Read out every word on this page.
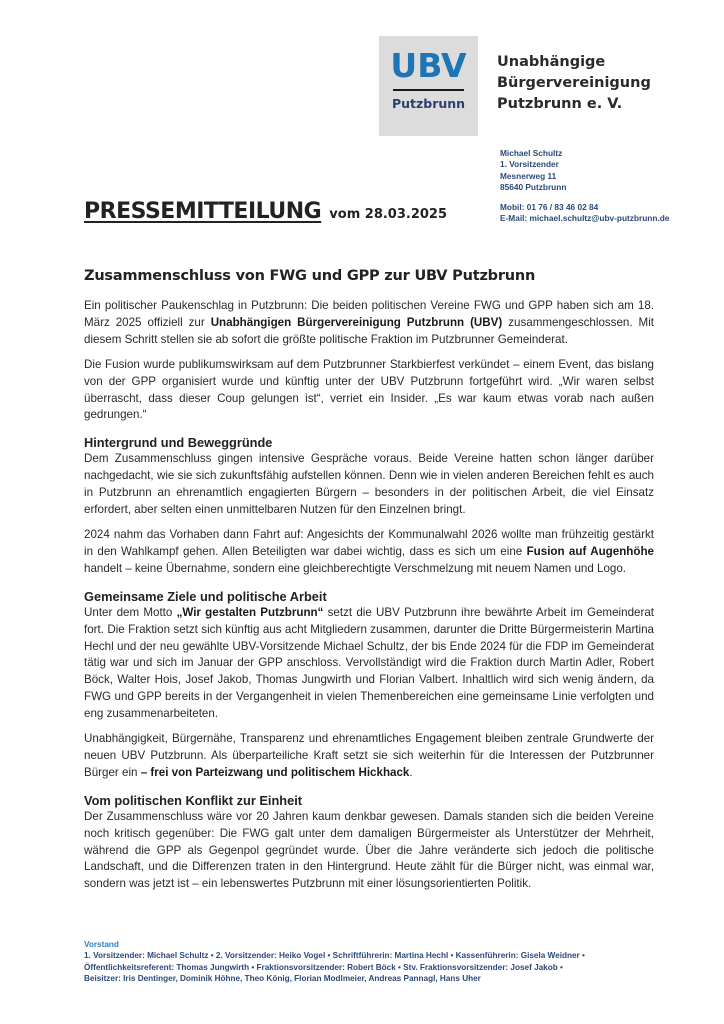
UBV
Putzbrunn
Unabhängige
Bürgervereinigung
Putzbrunn e. V.
Michael Schultz
1. Vorsitzender
Mesnerweg 11
85640 Putzbrunn
Mobil: 01 76 / 83 46 02 84
E-Mail: michael.schultz@ubv-putzbrunn.de
PRESSEMITTEILUNG vom 28.03.2025
Zusammenschluss von FWG und GPP zur UBV Putzbrunn

Ein politischer Paukenschlag in Putzbrunn: Die beiden politischen Vereine FWG und GPP haben sich am 18. März 2025 offiziell zur Unabhängigen Bürgervereinigung Putzbrunn (UBV) zusammengeschlossen. Mit diesem Schritt stellen sie ab sofort die größte politische Fraktion im Putzbrunner Gemeinderat.

Die Fusion wurde publikumswirksam auf dem Putzbrunner Starkbierfest verkündet – einem Event, das bislang von der GPP organisiert wurde und künftig unter der UBV Putzbrunn fortgeführt wird. „Wir waren selbst überrascht, dass dieser Coup gelungen ist“, verriet ein Insider. „Es war kaum etwas vorab nach außen gedrungen.“

Hintergrund und Beweggründe

Dem Zusammenschluss gingen intensive Gespräche voraus. Beide Vereine hatten schon länger darüber nachgedacht, wie sie sich zukunftsfähig aufstellen können. Denn wie in vielen anderen Bereichen fehlt es auch in Putzbrunn an ehrenamtlich engagierten Bürgern – besonders in der politischen Arbeit, die viel Einsatz erfordert, aber selten einen unmittelbaren Nutzen für den Einzelnen bringt.

2024 nahm das Vorhaben dann Fahrt auf: Angesichts der Kommunalwahl 2026 wollte man frühzeitig gestärkt in den Wahlkampf gehen. Allen Beteiligten war dabei wichtig, dass es sich um eine Fusion auf Augenhöhe handelt – keine Übernahme, sondern eine gleichberechtigte Verschmelzung mit neuem Namen und Logo.

Gemeinsame Ziele und politische Arbeit

Unter dem Motto „Wir gestalten Putzbrunn“ setzt die UBV Putzbrunn ihre bewährte Arbeit im Gemeinderat fort. Die Fraktion setzt sich künftig aus acht Mitgliedern zusammen, darunter die Dritte Bürgermeisterin Martina Hechl und der neu gewählte UBV-Vorsitzende Michael Schultz, der bis Ende 2024 für die FDP im Gemeinderat tätig war und sich im Januar der GPP anschloss. Vervollständigt wird die Fraktion durch Martin Adler, Robert Böck, Walter Hois, Josef Jakob, Thomas Jungwirth und Florian Valbert. Inhaltlich wird sich wenig ändern, da FWG und GPP bereits in der Vergangenheit in vielen Themenbereichen eine gemeinsame Linie verfolgten und eng zusammenarbeiteten.

Unabhängigkeit, Bürgernähe, Transparenz und ehrenamtliches Engagement bleiben zentrale Grundwerte der neuen UBV Putzbrunn. Als überparteiliche Kraft setzt sie sich weiterhin für die Interessen der Putzbrunner Bürger ein – frei von Parteizwang und politischem Hickhack.

Vom politischen Konflikt zur Einheit

Der Zusammenschluss wäre vor 20 Jahren kaum denkbar gewesen. Damals standen sich die beiden Vereine noch kritisch gegenüber: Die FWG galt unter dem damaligen Bürgermeister als Unterstützer der Mehrheit, während die GPP als Gegenpol gegründet wurde. Über die Jahre veränderte sich jedoch die politische Landschaft, und die Differenzen traten in den Hintergrund. Heute zählt für die Bürger nicht, was einmal war, sondern was jetzt ist – ein lebenswertes Putzbrunn mit einer lösungsorientierten Politik.

Vorstand
1. Vorsitzender: Michael Schultz • 2. Vorsitzender: Heiko Vogel • Schriftführerin: Martina Hechl • Kassenführerin: Gisela Weidner •
Öffentlichkeitsreferent: Thomas Jungwirth • Fraktionsvorsitzender: Robert Böck • Stv. Fraktionsvorsitzender: Josef Jakob •
Beisitzer: Iris Dentinger, Dominik Höhne, Theo König, Florian Modlmeier, Andreas Pannagl, Hans Uher
